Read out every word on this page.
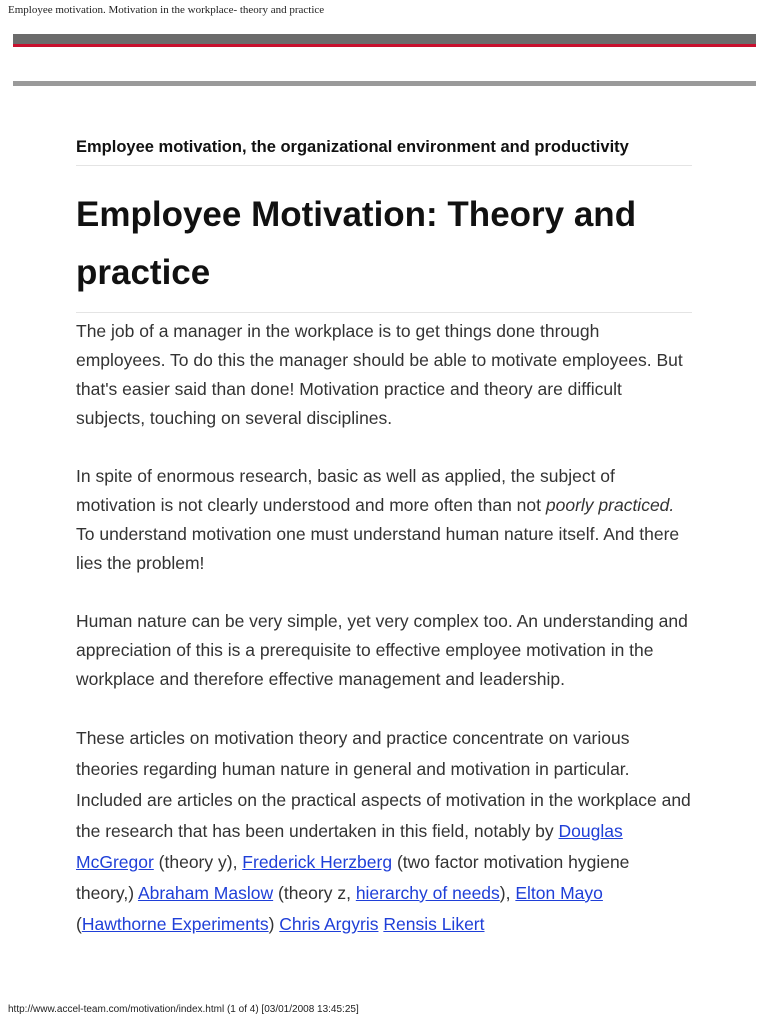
Employee motivation. Motivation in the workplace- theory and practice
Employee motivation, the organizational environment and productivity
Employee Motivation: Theory and practice

The job of a manager in the workplace is to get things done through employees. To do this the manager should be able to motivate employees. But that's easier said than done! Motivation practice and theory are difficult subjects, touching on several disciplines.

In spite of enormous research, basic as well as applied, the subject of motivation is not clearly understood and more often than not poorly practiced. To understand motivation one must understand human nature itself. And there lies the problem!

Human nature can be very simple, yet very complex too. An understanding and appreciation of this is a prerequisite to effective employee motivation in the workplace and therefore effective management and leadership.

These articles on motivation theory and practice concentrate on various theories regarding human nature in general and motivation in particular. Included are articles on the practical aspects of motivation in the workplace and the research that has been undertaken in this field, notably by Douglas McGregor (theory y), Frederick Herzberg (two factor motivation hygiene theory,) Abraham Maslow (theory z, hierarchy of needs), Elton Mayo (Hawthorne Experiments) Chris Argyris Rensis Likert

http://www.accel-team.com/motivation/index.html (1 of 4) [03/01/2008 13:45:25]
